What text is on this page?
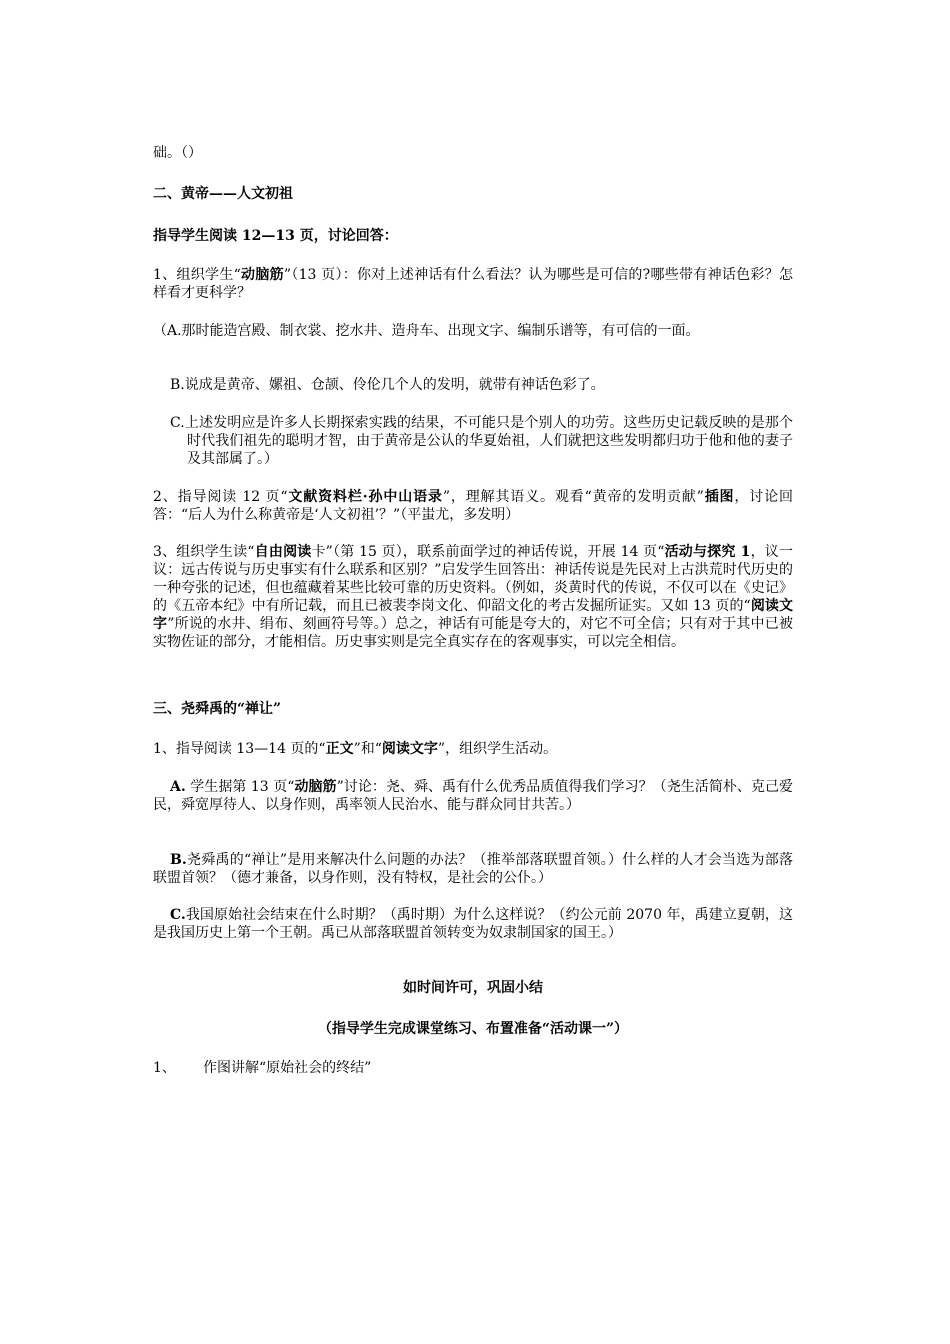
础。（）
二、黄帝——人文初祖
指导学生阅读 12—13 页，讨论回答：
1、组织学生“动脑筋”（13 页）：你对上述神话有什么看法？认为哪些是可信的?哪些带有神话色彩？怎样看才更科学？
（A.那时能造宫殿、制衣裳、挖水井、造舟车、出现文字、编制乐谱等，有可信的一面。
B.说成是黄帝、嫘祖、仓颉、伶伦几个人的发明，就带有神话色彩了。
C.上述发明应是许多人长期探索实践的结果，不可能只是个别人的功劳。这些历史记载反映的是那个时代我们祖先的聪明才智，由于黄帝是公认的华夏始祖，人们就把这些发明都归功于他和他的妻子及其部属了。）
2、指导阅读 12 页“文献资料栏·孙中山语录”，理解其语义。观看“黄帝的发明贡献”插图，讨论回答：“后人为什么称黄帝是‘人文初祖’？”（平蚩尤，多发明）
3、组织学生读“自由阅读卡”（第 15 页），联系前面学过的神话传说，开展 14 页“活动与探究 1，议一议：远古传说与历史事实有什么联系和区别？”启发学生回答出：神话传说是先民对上古洪荒时代历史的一种夸张的记述，但也蕴藏着某些比较可靠的历史资料。（例如，炎黄时代的传说，不仅可以在《史记》的《五帝本纪》中有所记载，而且已被裴李岗文化、仰韶文化的考古发掘所证实。又如 13 页的“阅读文字”所说的水井、绢布、刻画符号等。）总之，神话有可能是夸大的，对它不可全信；只有对于其中已被实物佐证的部分，才能相信。历史事实则是完全真实存在的客观事实，可以完全相信。
三、尧舜禹的“禅让”
1、指导阅读 13—14 页的“正文”和“阅读文字”，组织学生活动。
A. 学生据第 13 页“动脑筋”讨论：尧、舜、禹有什么优秀品质值得我们学习？（尧生活简朴、克己爱民，舜宽厚待人、以身作则，禹率领人民治水、能与群众同甘共苦。）
B.尧舜禹的“禅让”是用来解决什么问题的办法？（推举部落联盟首领。）什么样的人才会当选为部落联盟首领？（德才兼备，以身作则，没有特权，是社会的公仆。）
C.我国原始社会结束在什么时期？（禹时期）为什么这样说？（约公元前 2070 年，禹建立夏朝，这是我国历史上第一个王朝。禹已从部落联盟首领转变为奴隶制国家的国王。）
如时间许可，巩固小结
（指导学生完成课堂练习、布置准备“活动课一”）
1、 作图讲解“原始社会的终结”
